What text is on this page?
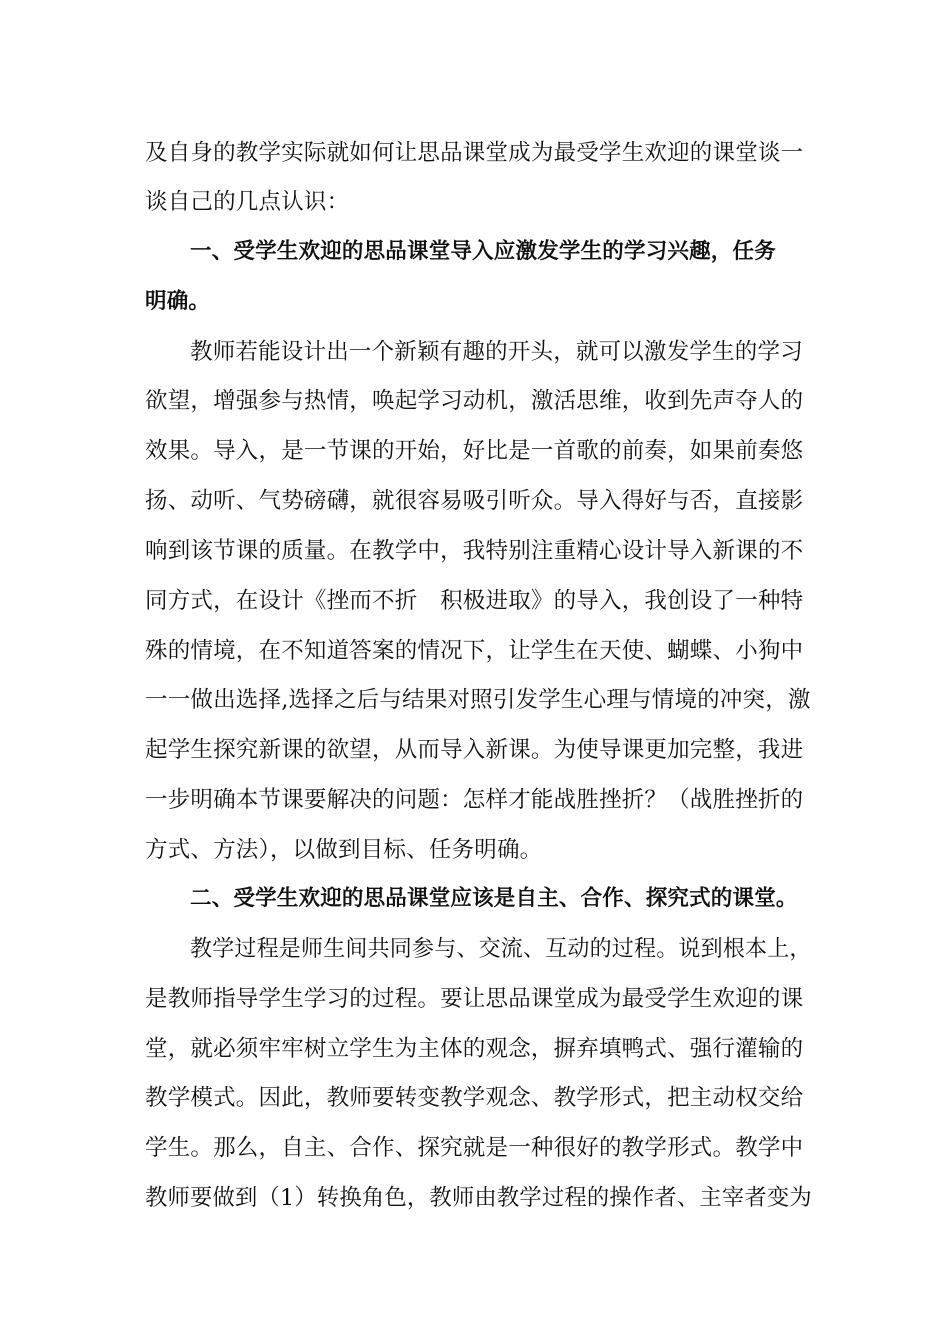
及自身的教学实际就如何让思品课堂成为最受学生欢迎的课堂谈一
谈自己的几点认识：
一、受学生欢迎的思品课堂导入应激发学生的学习兴趣，任务
明确。
教师若能设计出一个新颖有趣的开头，就可以激发学生的学习
欲望，增强参与热情，唤起学习动机，激活思维，收到先声夺人的
效果。导入，是一节课的开始，好比是一首歌的前奏，如果前奏悠
扬、动听、气势磅礴，就很容易吸引听众。导入得好与否，直接影
响到该节课的质量。在教学中，我特别注重精心设计导入新课的不
同方式，在设计《挫而不折　积极进取》的导入，我创设了一种特
殊的情境，在不知道答案的情况下，让学生在天使、蝴蝶、小狗中
一一做出选择,选择之后与结果对照引发学生心理与情境的冲突，激
起学生探究新课的欲望，从而导入新课。为使导课更加完整，我进
一步明确本节课要解决的问题：怎样才能战胜挫折？（战胜挫折的
方式、方法），以做到目标、任务明确。
二、受学生欢迎的思品课堂应该是自主、合作、探究式的课堂。
教学过程是师生间共同参与、交流、互动的过程。说到根本上，
是教师指导学生学习的过程。要让思品课堂成为最受学生欢迎的课
堂，就必须牢牢树立学生为主体的观念，摒弃填鸭式、强行灌输的
教学模式。因此，教师要转变教学观念、教学形式，把主动权交给
学生。那么，自主、合作、探究就是一种很好的教学形式。教学中
教师要做到（1）转换角色，教师由教学过程的操作者、主宰者变为
